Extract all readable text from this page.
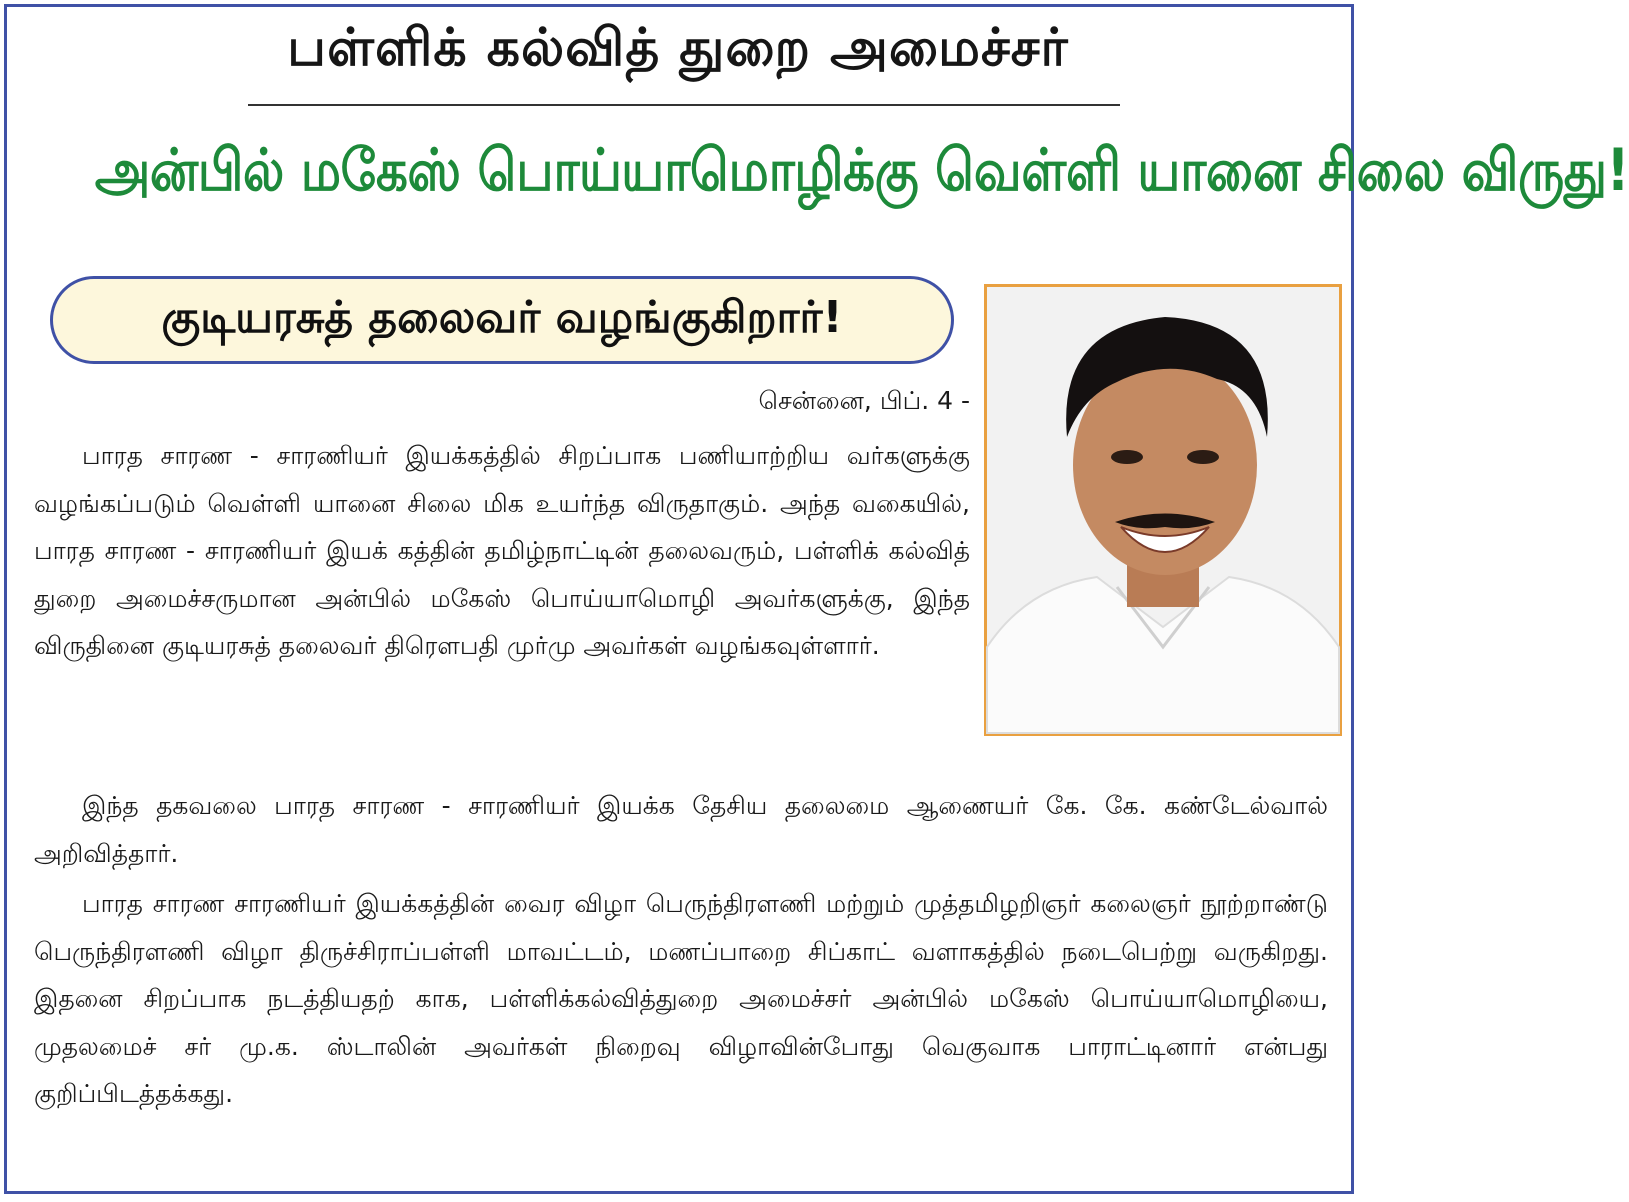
பள்ளிக் கல்வித் துறை அமைச்சர்
அன்பில் மகேஸ் பொய்யாமொழிக்கு வெள்ளி யானை சிலை விருது!
குடியரசுத் தலைவர் வழங்குகிறார்!
சென்னை, பிப். 4 -

பாரத சாரண - சாரணியர் இயக்கத்தில் சிறப்பாக பணியாற்றிய வர்களுக்கு வழங்கப்படும் வெள்ளி யானை சிலை மிக உயர்ந்த விருதாகும். அந்த வகையில், பாரத சாரண - சாரணியர் இயக் கத்தின் தமிழ்நாட்டின் தலைவரும், பள்ளிக் கல்வித் துறை அமைச்சருமான அன்பில் மகேஸ் பொய்யாமொழி அவர்களுக்கு, இந்த விருதினை குடியரசுத் தலைவர் திரௌபதி முர்மு அவர்கள் வழங்கவுள்ளார்.

இந்த தகவலை பாரத சாரண - சாரணியர் இயக்க தேசிய தலைமை ஆணையர் கே. கே. கண்டேல்வால் அறிவித்தார்.

பாரத சாரண சாரணியர் இயக்கத்தின் வைர விழா பெருந்திரளணி மற்றும் முத்தமிழறிஞர் கலைஞர் நூற்றாண்டு பெருந்திரளணி விழா திருச்சிராப்பள்ளி மாவட்டம், மணப்பாறை சிப்காட் வளாகத்தில் நடைபெற்று வருகிறது. இதனை சிறப்பாக நடத்தியதற் காக, பள்ளிக்கல்வித்துறை அமைச்சர் அன்பில் மகேஸ் பொய்யாமொழியை, முதலமைச் சர் மு.க. ஸ்டாலின் அவர்கள் நிறைவு விழாவின்போது வெகுவாக பாராட்டினார் என்பது குறிப்பிடத்தக்கது.
